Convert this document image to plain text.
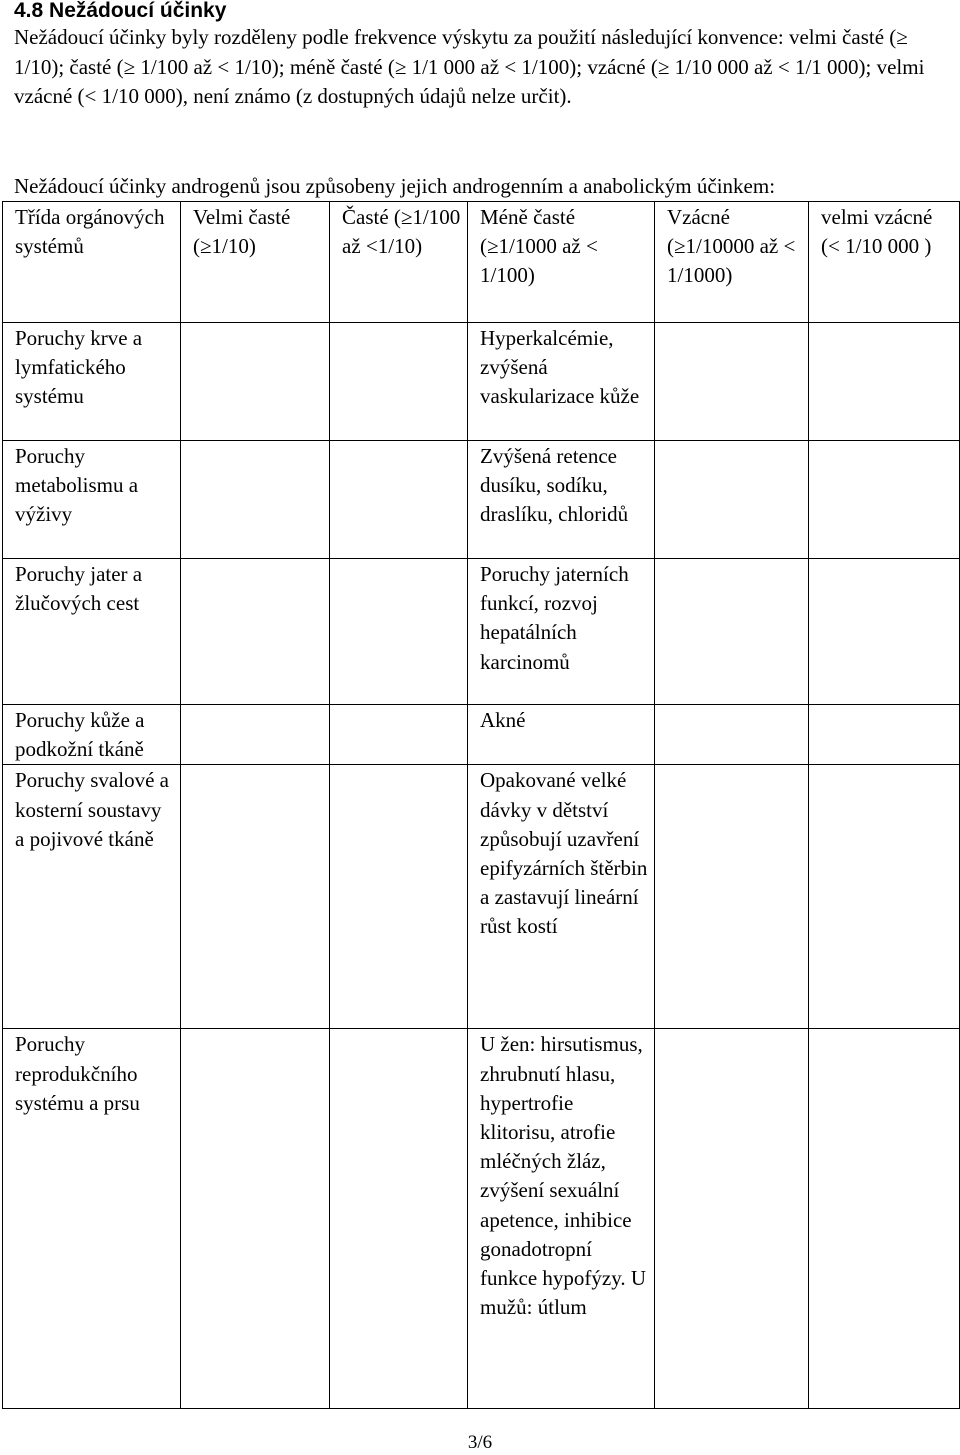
4.8 Nežádoucí účinky

Nežádoucí účinky byly rozděleny podle frekvence výskytu za použití následující konvence: velmi časté (≥ 1/10); časté (≥ 1/100 až < 1/10); méně časté (≥ 1/1 000 až < 1/100); vzácné (≥ 1/10 000 až < 1/1 000); velmi vzácné (< 1/10 000), není známo (z dostupných údajů nelze určit).

Nežádoucí účinky androgenů jsou způsobeny jejich androgenním a anabolickým účinkem:

Třída orgánových systémů	Velmi časté (≥1/10)	Časté (≥1/100 až <1/10)	Méně časté (≥1/1000 až < 1/100)	Vzácné (≥1/10000 až < 1/1000)	velmi vzácné (< 1/10 000 )
Poruchy krve a lymfatického systému			Hyperkalcémie, zvýšená vaskularizace kůže		
Poruchy metabolismu a výživy			Zvýšená retence dusíku, sodíku, draslíku, chloridů		
Poruchy jater a žlučových cest			Poruchy jaterních funkcí, rozvoj hepatálních karcinomů		
Poruchy kůže a podkožní tkáně			Akné		
Poruchy svalové a kosterní soustavy a pojivové tkáně			Opakované velké dávky v dětství způsobují uzavření epifyzárních štěrbin a zastavují lineární růst kostí		
Poruchy reprodukčního systému a prsu			U žen: hirsutismus, zhrubnutí hlasu, hypertrofie klitorisu, atrofie mléčných žláz, zvýšení sexuální apetence, inhibice gonadotropní funkce hypofýzy. U mužů: útlum		
3/6
